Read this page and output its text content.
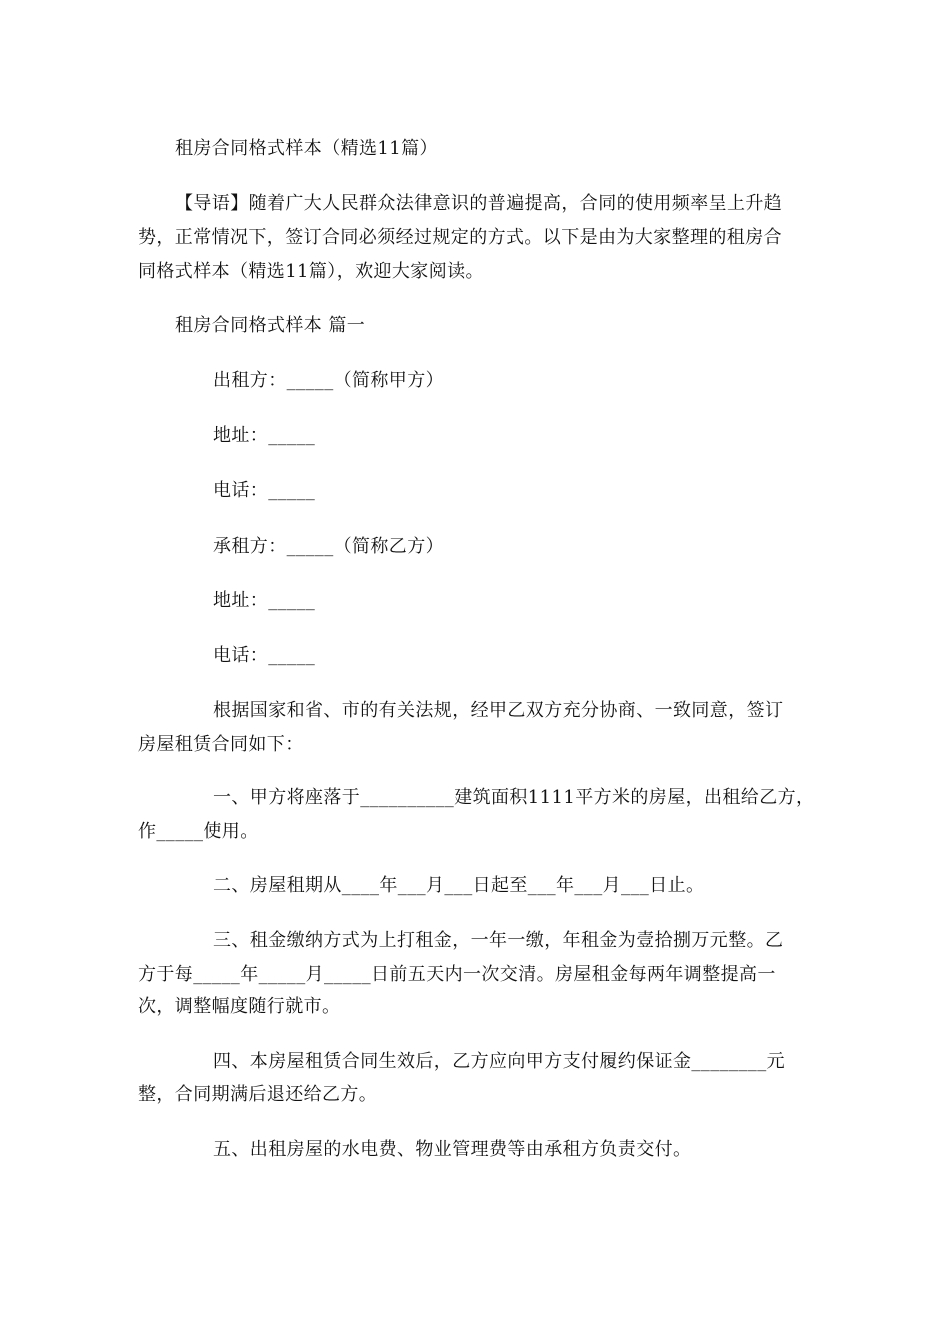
租房合同格式样本（精选11篇）
【导语】随着广大人民群众法律意识的普遍提高，合同的使用频率呈上升趋
势，正常情况下，签订合同必须经过规定的方式。以下是由为大家整理的租房合
同格式样本（精选11篇），欢迎大家阅读。
租房合同格式样本 篇一
出租方：_____（简称甲方）
地址：_____
电话：_____
承租方：_____（简称乙方）
地址：_____
电话：_____
根据国家和省、市的有关法规，经甲乙双方充分协商、一致同意，签订
房屋租赁合同如下：
一、甲方将座落于__________建筑面积1111平方米的房屋，出租给乙方，
作_____使用。
二、房屋租期从____年___月___日起至___年___月___日止。
三、租金缴纳方式为上打租金，一年一缴，年租金为壹拾捌万元整。乙
方于每_____年_____月_____日前五天内一次交清。房屋租金每两年调整提高一
次，调整幅度随行就市。
四、本房屋租赁合同生效后，乙方应向甲方支付履约保证金________元
整，合同期满后退还给乙方。
五、出租房屋的水电费、物业管理费等由承租方负责交付。
